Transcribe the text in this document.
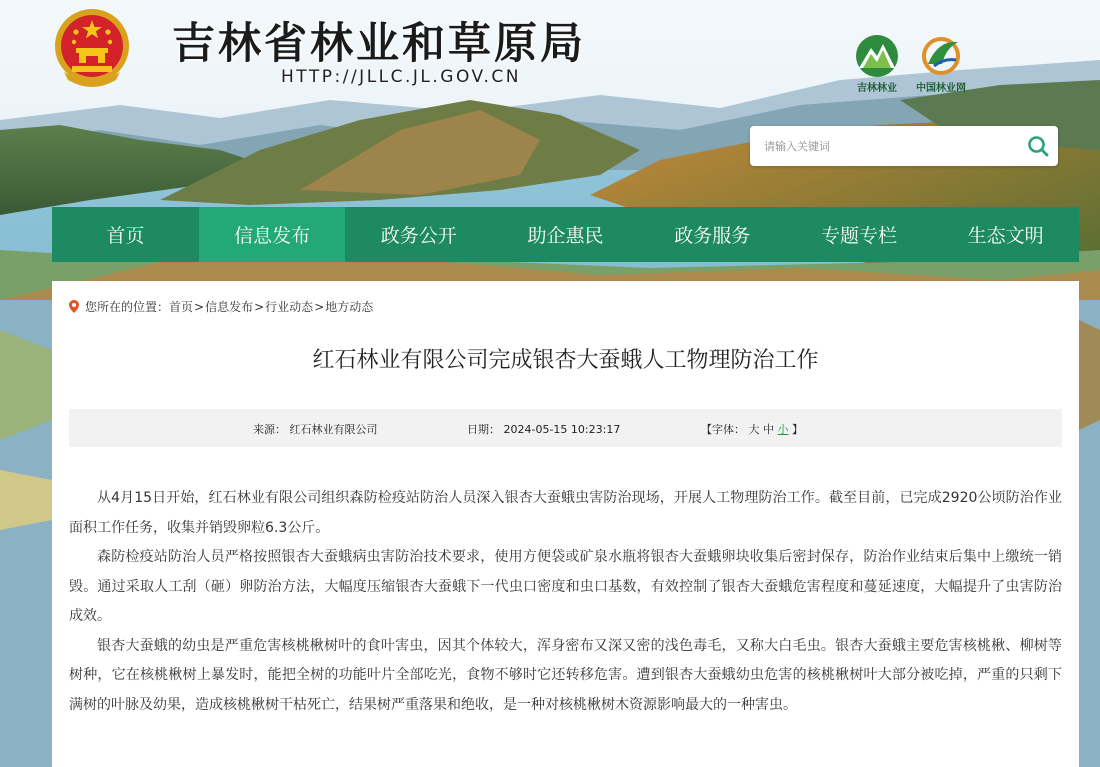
吉林省林业和草原局
HTTP://JLLC.JL.GOV.CN
吉林林业	中国林业网
请输入关键词
首页	信息发布	政务公开	助企惠民	政务服务	专题专栏	生态文明
您所在的位置： 首页 > 信息发布 > 行业动态 > 地方动态
红石林业有限公司完成银杏大蚕蛾人工物理防治工作
来源： 红石林业有限公司	日期： 2024-05-15 10:23:17	【字体： 大 中 小 】

从4月15日开始，红石林业有限公司组织森防检疫站防治人员深入银杏大蚕蛾虫害防治现场，开展人工物理防治工作。截至目前，已完成2920公顷防治作业面积工作任务，收集并销毁卵粒6.3公斤。

森防检疫站防治人员严格按照银杏大蚕蛾病虫害防治技术要求，使用方便袋或矿泉水瓶将银杏大蚕蛾卵块收集后密封保存，防治作业结束后集中上缴统一销毁。通过采取人工刮（砸）卵防治方法，大幅度压缩银杏大蚕蛾下一代虫口密度和虫口基数，有效控制了银杏大蚕蛾危害程度和蔓延速度，大幅提升了虫害防治成效。

银杏大蚕蛾的幼虫是严重危害核桃楸树叶的食叶害虫，因其个体较大，浑身密布又深又密的浅色毒毛，又称大白毛虫。银杏大蚕蛾主要危害核桃楸、柳树等树种，它在核桃楸树上暴发时，能把全树的功能叶片全部吃光，食物不够时它还转移危害。遭到银杏大蚕蛾幼虫危害的核桃楸树叶大部分被吃掉，严重的只剩下满树的叶脉及幼果，造成核桃楸树干枯死亡，结果树严重落果和绝收，是一种对核桃楸树木资源影响最大的一种害虫。
